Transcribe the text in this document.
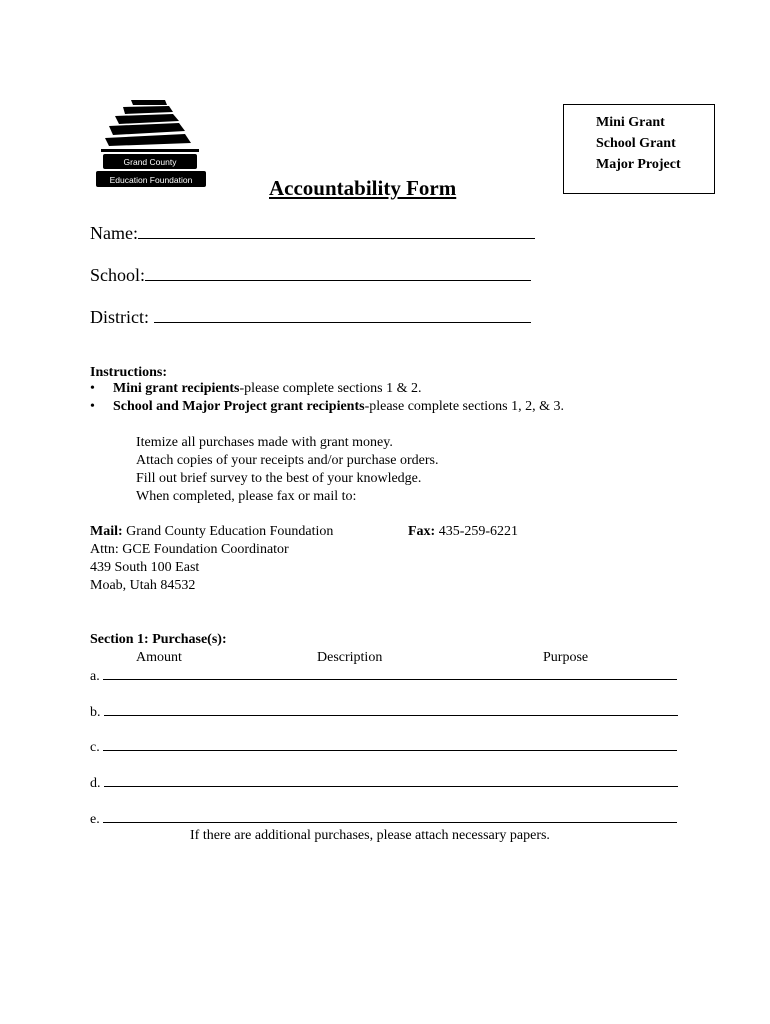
Grand County
Education Foundation
Mini Grant
School Grant
Major Project
Accountability Form
Name:
School:
District:
Instructions:
• Mini grant recipients-please complete sections 1 & 2.
• School and Major Project grant recipients-please complete sections 1, 2, & 3.
Itemize all purchases made with grant money.
Attach copies of your receipts and/or purchase orders.
Fill out brief survey to the best of your knowledge.
When completed, please fax or mail to:
Mail: Grand County Education Foundation
Attn: GCE Foundation Coordinator
439 South 100 East
Moab, Utah 84532
Fax: 435-259-6221
Section 1: Purchase(s):
Amount	Description	Purpose
a.
b.
c.
d.
e.
If there are additional purchases, please attach necessary papers.
